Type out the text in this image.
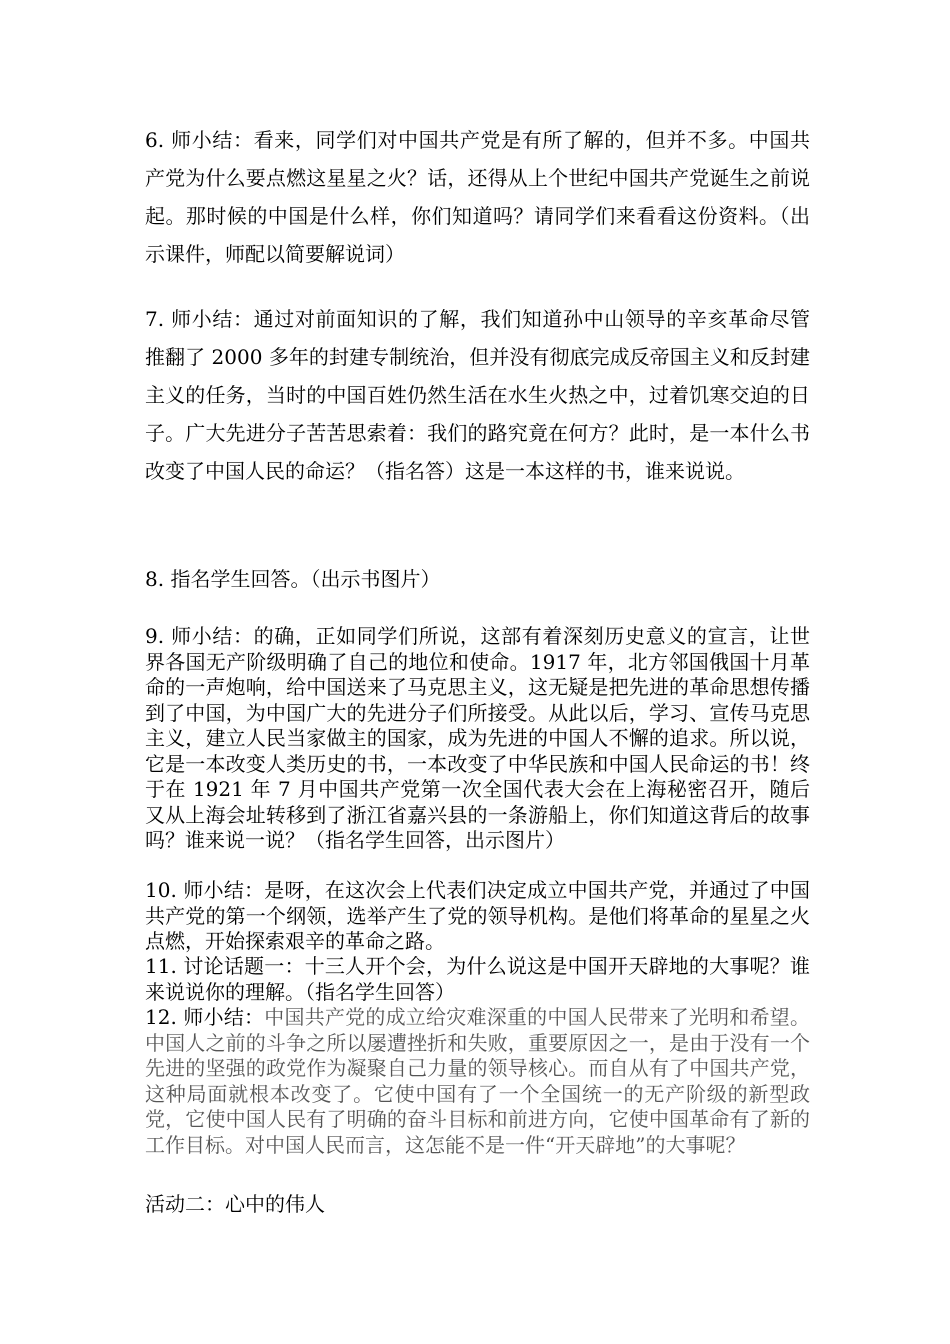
6. 师小结：看来，同学们对中国共产党是有所了解的，但并不多。中国共产党为什么要点燃这星星之火？话，还得从上个世纪中国共产党诞生之前说起。那时候的中国是什么样，你们知道吗？请同学们来看看这份资料。（出示课件，师配以简要解说词）

7. 师小结：通过对前面知识的了解，我们知道孙中山领导的辛亥革命尽管推翻了 2000 多年的封建专制统治，但并没有彻底完成反帝国主义和反封建主义的任务，当时的中国百姓仍然生活在水生火热之中，过着饥寒交迫的日子。广大先进分子苦苦思索着：我们的路究竟在何方？此时，是一本什么书改变了中国人民的命运？（指名答）这是一本这样的书，谁来说说。

8. 指名学生回答。（出示书图片）

9. 师小结：的确，正如同学们所说，这部有着深刻历史意义的宣言，让世界各国无产阶级明确了自己的地位和使命。1917 年，北方邻国俄国十月革命的一声炮响，给中国送来了马克思主义，这无疑是把先进的革命思想传播到了中国，为中国广大的先进分子们所接受。从此以后，学习、宣传马克思主义，建立人民当家做主的国家，成为先进的中国人不懈的追求。所以说，它是一本改变人类历史的书，一本改变了中华民族和中国人民命运的书！终于在 1921 年 7 月中国共产党第一次全国代表大会在上海秘密召开，随后又从上海会址转移到了浙江省嘉兴县的一条游船上，你们知道这背后的故事吗？谁来说一说？（指名学生回答，出示图片）

10. 师小结：是呀，在这次会上代表们决定成立中国共产党，并通过了中国共产党的第一个纲领，选举产生了党的领导机构。是他们将革命的星星之火点燃，开始探索艰辛的革命之路。

11. 讨论话题一：十三人开个会，为什么说这是中国开天辟地的大事呢？谁来说说你的理解。（指名学生回答）

12. 师小结：中国共产党的成立给灾难深重的中国人民带来了光明和希望。中国人之前的斗争之所以屡遭挫折和失败，重要原因之一，是由于没有一个先进的坚强的政党作为凝聚自己力量的领导核心。而自从有了中国共产党，这种局面就根本改变了。它使中国有了一个全国统一的无产阶级的新型政党，它使中国人民有了明确的奋斗目标和前进方向，它使中国革命有了新的工作目标。对中国人民而言，这怎能不是一件“开天辟地”的大事呢？

活动二：心中的伟人
